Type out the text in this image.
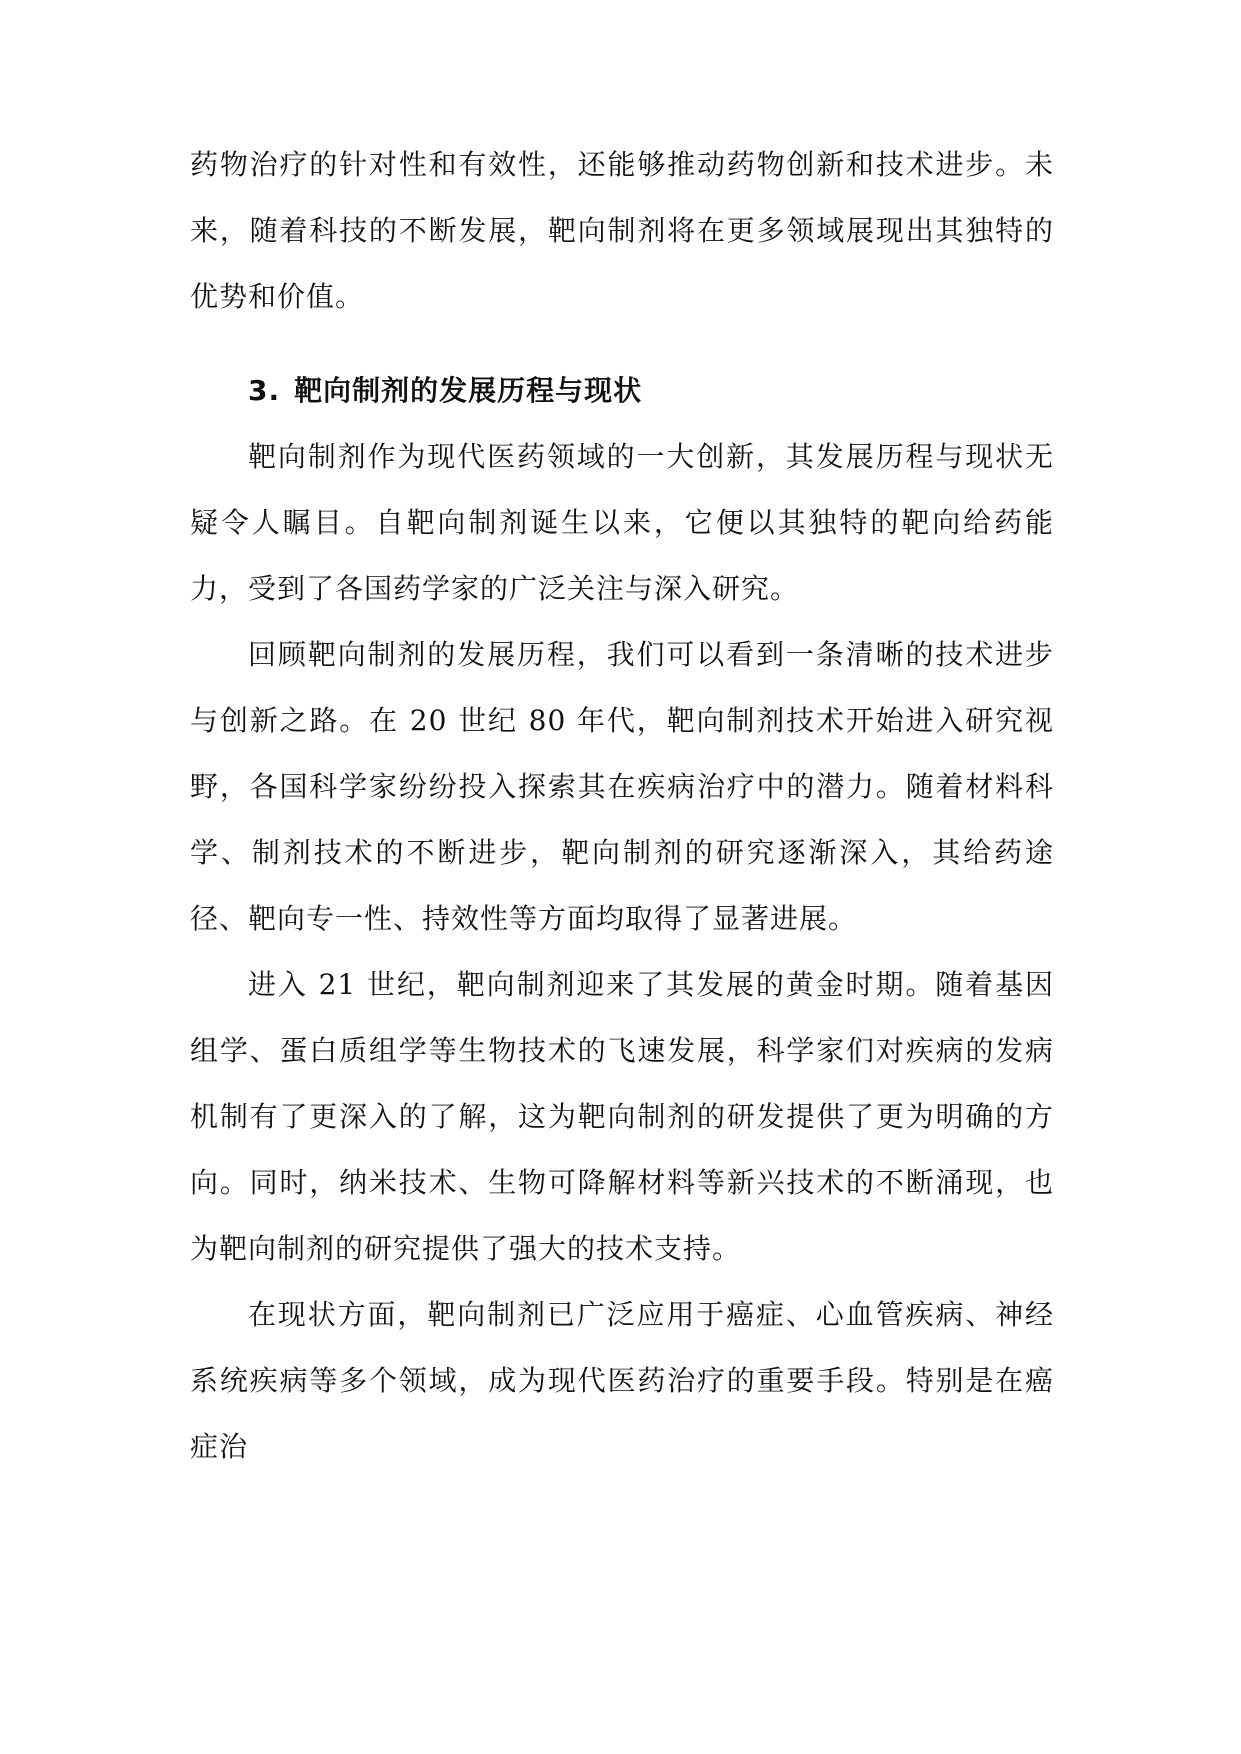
药物治疗的针对性和有效性，还能够推动药物创新和技术进步。未来，随着科技的不断发展，靶向制剂将在更多领域展现出其独特的优势和价值。

3. 靶向制剂的发展历程与现状

靶向制剂作为现代医药领域的一大创新，其发展历程与现状无疑令人瞩目。自靶向制剂诞生以来，它便以其独特的靶向给药能力，受到了各国药学家的广泛关注与深入研究。

回顾靶向制剂的发展历程，我们可以看到一条清晰的技术进步与创新之路。在 20 世纪 80 年代，靶向制剂技术开始进入研究视野，各国科学家纷纷投入探索其在疾病治疗中的潜力。随着材料科学、制剂技术的不断进步，靶向制剂的研究逐渐深入，其给药途径、靶向专一性、持效性等方面均取得了显著进展。

进入 21 世纪，靶向制剂迎来了其发展的黄金时期。随着基因组学、蛋白质组学等生物技术的飞速发展，科学家们对疾病的发病机制有了更深入的了解，这为靶向制剂的研发提供了更为明确的方向。同时，纳米技术、生物可降解材料等新兴技术的不断涌现，也为靶向制剂的研究提供了强大的技术支持。

在现状方面，靶向制剂已广泛应用于癌症、心血管疾病、神经系统疾病等多个领域，成为现代医药治疗的重要手段。特别是在癌症治
